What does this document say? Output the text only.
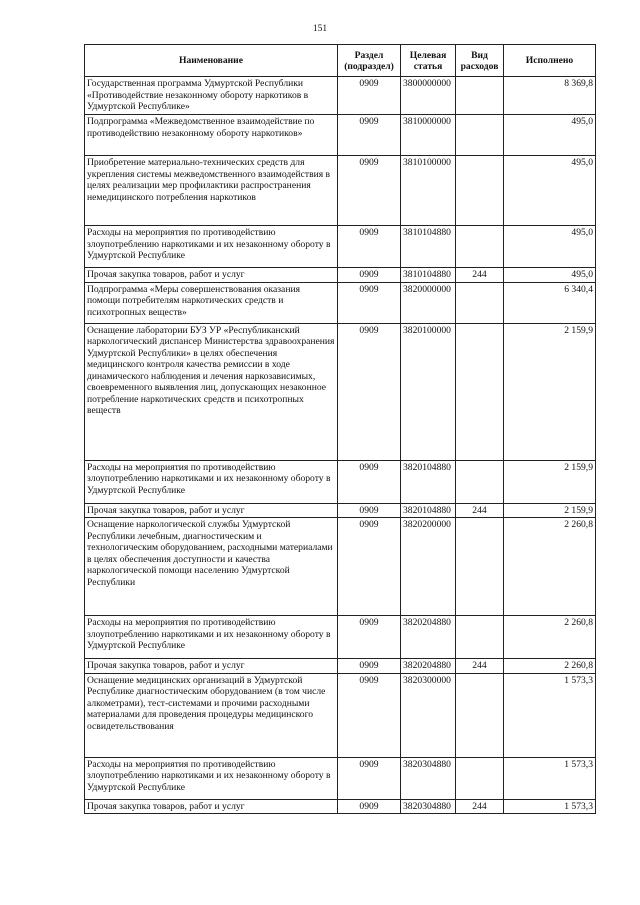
151
Наименование	Раздел (подраздел)	Целевая статья	Вид расходов	Исполнено
Государственная программа Удмуртской Республики «Противодействие незаконному обороту наркотиков в Удмуртской Республике»	0909	3800000000		8 369,8
Подпрограмма «Межведомственное взаимодействие по противодействию незаконному обороту наркотиков»	0909	3810000000		495,0
Приобретение материально-технических средств для укрепления системы межведомственного взаимодействия в целях реализации мер профилактики распространения немедицинского потребления наркотиков	0909	3810100000		495,0
Расходы на мероприятия по противодействию злоупотреблению наркотиками и их незаконному обороту в Удмуртской Республике	0909	3810104880		495,0
Прочая закупка товаров, работ и услуг	0909	3810104880	244	495,0
Подпрограмма «Меры совершенствования оказания помощи потребителям наркотических средств и психотропных веществ»	0909	3820000000		6 340,4
Оснащение лаборатории БУЗ УР «Республиканский наркологический диспансер Министерства здравоохранения Удмуртской Республики» в целях обеспечения медицинского контроля качества ремиссии в ходе динамического наблюдения и лечения наркозависимых, своевременного выявления лиц, допускающих незаконное потребление наркотических средств и психотропных веществ	0909	3820100000		2 159,9
Расходы на мероприятия по противодействию злоупотреблению наркотиками и их незаконному обороту в Удмуртской Республике	0909	3820104880		2 159,9
Прочая закупка товаров, работ и услуг	0909	3820104880	244	2 159,9
Оснащение наркологической службы Удмуртской Республики лечебным, диагностическим и технологическим оборудованием, расходными материалами в целях обеспечения доступности и качества наркологической помощи населению Удмуртской Республики	0909	3820200000		2 260,8
Расходы на мероприятия по противодействию злоупотреблению наркотиками и их незаконному обороту в Удмуртской Республике	0909	3820204880		2 260,8
Прочая закупка товаров, работ и услуг	0909	3820204880	244	2 260,8
Оснащение медицинских организаций в Удмуртской Республике диагностическим оборудованием (в том числе алкометрами), тест-системами и прочими расходными материалами для проведения процедуры медицинского освидетельствования	0909	3820300000		1 573,3
Расходы на мероприятия по противодействию злоупотреблению наркотиками и их незаконному обороту в Удмуртской Республике	0909	3820304880		1 573,3
Прочая закупка товаров, работ и услуг	0909	3820304880	244	1 573,3
